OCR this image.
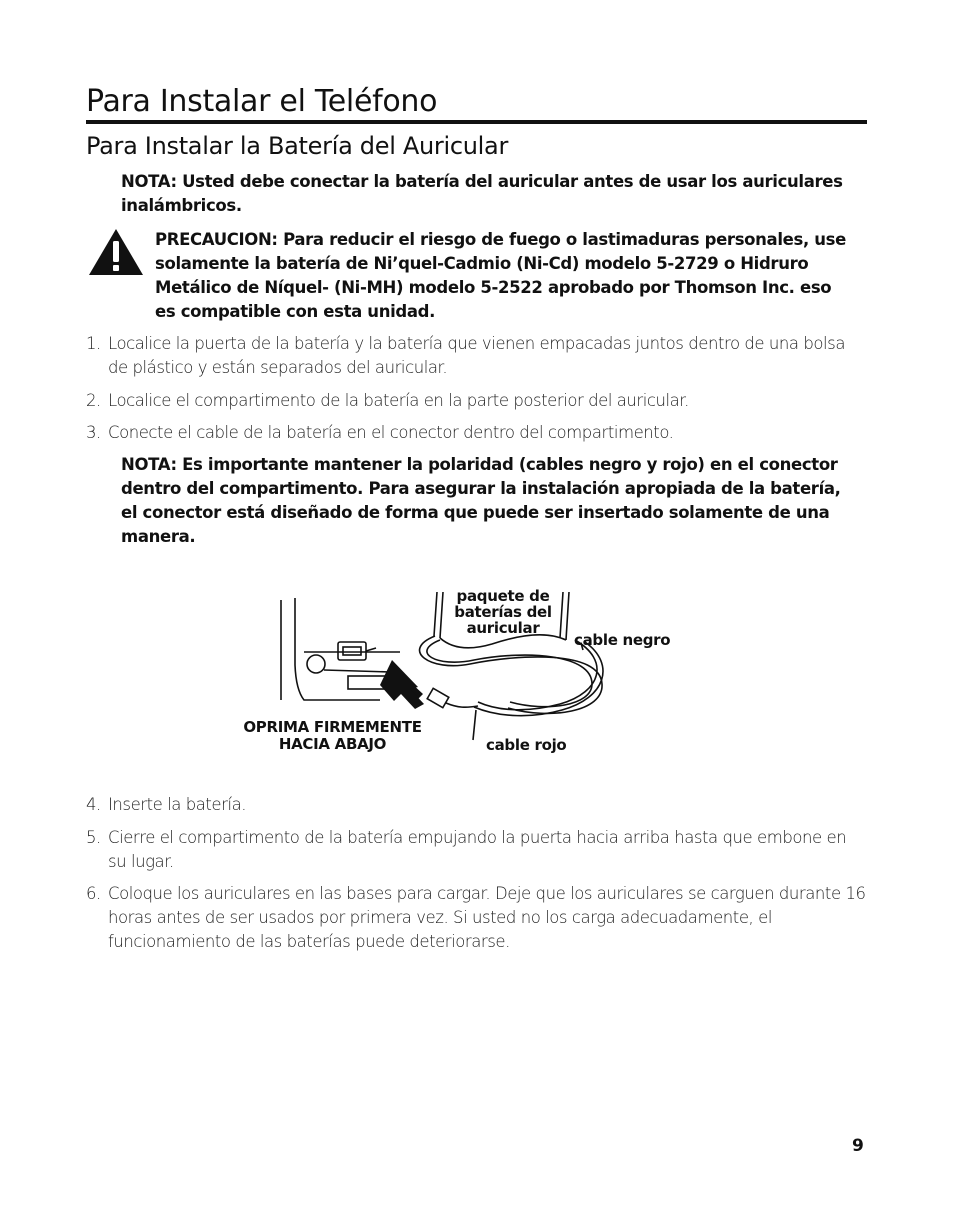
Para Instalar el Teléfono
Para Instalar la Batería del Auricular

NOTA: Usted debe conectar la batería del auricular antes de usar los auriculares inalámbricos.

PRECAUCION: Para reducir el riesgo de fuego o lastimaduras personales, use solamente la batería de Ni’quel-Cadmio (Ni-Cd) modelo 5-2729 o Hidruro Metálico de Níquel- (Ni-MH) modelo 5-2522 aprobado por Thomson Inc. eso es compatible con esta unidad.

1. Localice la puerta de la batería y la batería que vienen empacadas juntos dentro de una bolsa de plástico y están separados del auricular.
2. Localice el compartimento de la batería en la parte posterior del auricular.
3. Conecte el cable de la batería en el conector dentro del compartimento.

NOTA: Es importante mantener la polaridad (cables negro y rojo) en el conector dentro del compartimento. Para asegurar la instalación apropiada de la batería, el conector está diseñado de forma que puede ser insertado solamente de una manera.

paquete de baterías del auricular
cable negro
cable rojo
OPRIMA FIRMEMENTE HACIA ABAJO
4. Inserte la batería.
5. Cierre el compartimento de la batería empujando la puerta hacia arriba hasta que embone en su lugar.
6. Coloque los auriculares en las bases para cargar. Deje que los auriculares se carguen durante 16 horas antes de ser usados por primera vez. Si usted no los carga adecuadamente, el funcionamiento de las baterías puede deteriorarse.
9
